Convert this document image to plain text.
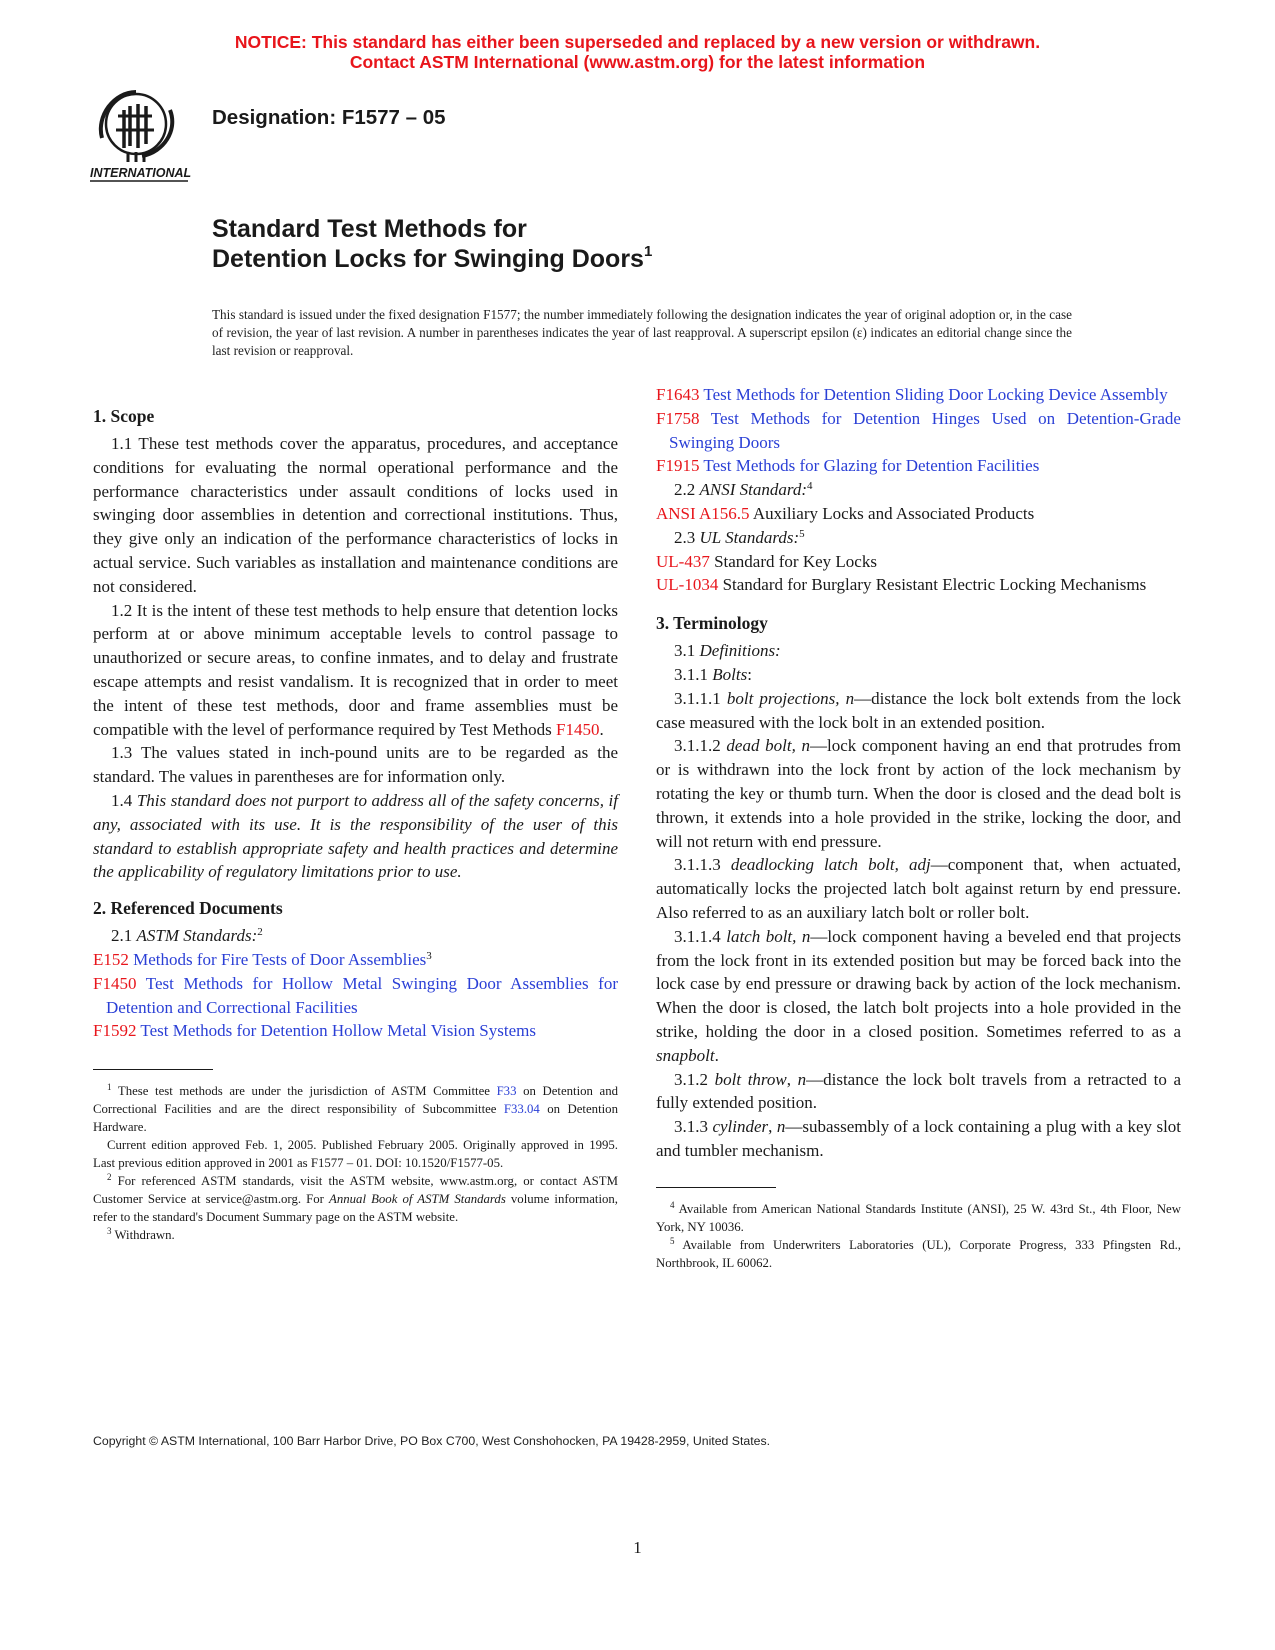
NOTICE: This standard has either been superseded and replaced by a new version or withdrawn.
Contact ASTM International (www.astm.org) for the latest information
INTERNATIONAL
Designation: F1577 – 05
Standard Test Methods for
Detention Locks for Swinging Doors$^1$
This standard is issued under the fixed designation F1577; the number immediately following the designation indicates the year of original adoption or, in the case of revision, the year of last revision. A number in parentheses indicates the year of last reapproval. A superscript epsilon (ε) indicates an editorial change since the last revision or reapproval.
1. Scope

1.1 These test methods cover the apparatus, procedures, and acceptance conditions for evaluating the normal operational performance and the performance characteristics under assault conditions of locks used in swinging door assemblies in detention and correctional institutions. Thus, they give only an indication of the performance characteristics of locks in actual service. Such variables as installation and maintenance conditions are not considered.

1.2 It is the intent of these test methods to help ensure that detention locks perform at or above minimum acceptable levels to control passage to unauthorized or secure areas, to confine inmates, and to delay and frustrate escape attempts and resist vandalism. It is recognized that in order to meet the intent of these test methods, door and frame assemblies must be compatible with the level of performance required by Test Methods F1450.

1.3 The values stated in inch-pound units are to be regarded as the standard. The values in parentheses are for information only.

1.4 This standard does not purport to address all of the safety concerns, if any, associated with its use. It is the responsibility of the user of this standard to establish appropriate safety and health practices and determine the applicability of regulatory limitations prior to use.

2. Referenced Documents

2.1 ASTM Standards:$^2$

E152 Methods for Fire Tests of Door Assemblies$^3$

F1450 Test Methods for Hollow Metal Swinging Door Assemblies for Detention and Correctional Facilities

F1592 Test Methods for Detention Hollow Metal Vision Systems

$^1$ These test methods are under the jurisdiction of ASTM Committee F33 on Detention and Correctional Facilities and are the direct responsibility of Subcommittee F33.04 on Detention Hardware.

Current edition approved Feb. 1, 2005. Published February 2005. Originally approved in 1995. Last previous edition approved in 2001 as F1577 – 01. DOI: 10.1520/F1577-05.

$^2$ For referenced ASTM standards, visit the ASTM website, www.astm.org, or contact ASTM Customer Service at service@astm.org. For Annual Book of ASTM Standards volume information, refer to the standard's Document Summary page on the ASTM website.

$^3$ Withdrawn.

F1643 Test Methods for Detention Sliding Door Locking Device Assembly

F1758 Test Methods for Detention Hinges Used on Detention-Grade Swinging Doors

F1915 Test Methods for Glazing for Detention Facilities

2.2 ANSI Standard:$^4$

ANSI A156.5 Auxiliary Locks and Associated Products

2.3 UL Standards:$^5$

UL-437 Standard for Key Locks

UL-1034 Standard for Burglary Resistant Electric Locking Mechanisms

3. Terminology

3.1 Definitions:

3.1.1 Bolts:

3.1.1.1 bolt projections, n—distance the lock bolt extends from the lock case measured with the lock bolt in an extended position.

3.1.1.2 dead bolt, n—lock component having an end that protrudes from or is withdrawn into the lock front by action of the lock mechanism by rotating the key or thumb turn. When the door is closed and the dead bolt is thrown, it extends into a hole provided in the strike, locking the door, and will not return with end pressure.

3.1.1.3 deadlocking latch bolt, adj—component that, when actuated, automatically locks the projected latch bolt against return by end pressure. Also referred to as an auxiliary latch bolt or roller bolt.

3.1.1.4 latch bolt, n—lock component having a beveled end that projects from the lock front in its extended position but may be forced back into the lock case by end pressure or drawing back by action of the lock mechanism. When the door is closed, the latch bolt projects into a hole provided in the strike, holding the door in a closed position. Sometimes referred to as a snapbolt.

3.1.2 bolt throw, n—distance the lock bolt travels from a retracted to a fully extended position.

3.1.3 cylinder, n—subassembly of a lock containing a plug with a key slot and tumbler mechanism.

$^4$ Available from American National Standards Institute (ANSI), 25 W. 43rd St., 4th Floor, New York, NY 10036.

$^5$ Available from Underwriters Laboratories (UL), Corporate Progress, 333 Pfingsten Rd., Northbrook, IL 60062.

Copyright © ASTM International, 100 Barr Harbor Drive, PO Box C700, West Conshohocken, PA 19428-2959, United States.
1
